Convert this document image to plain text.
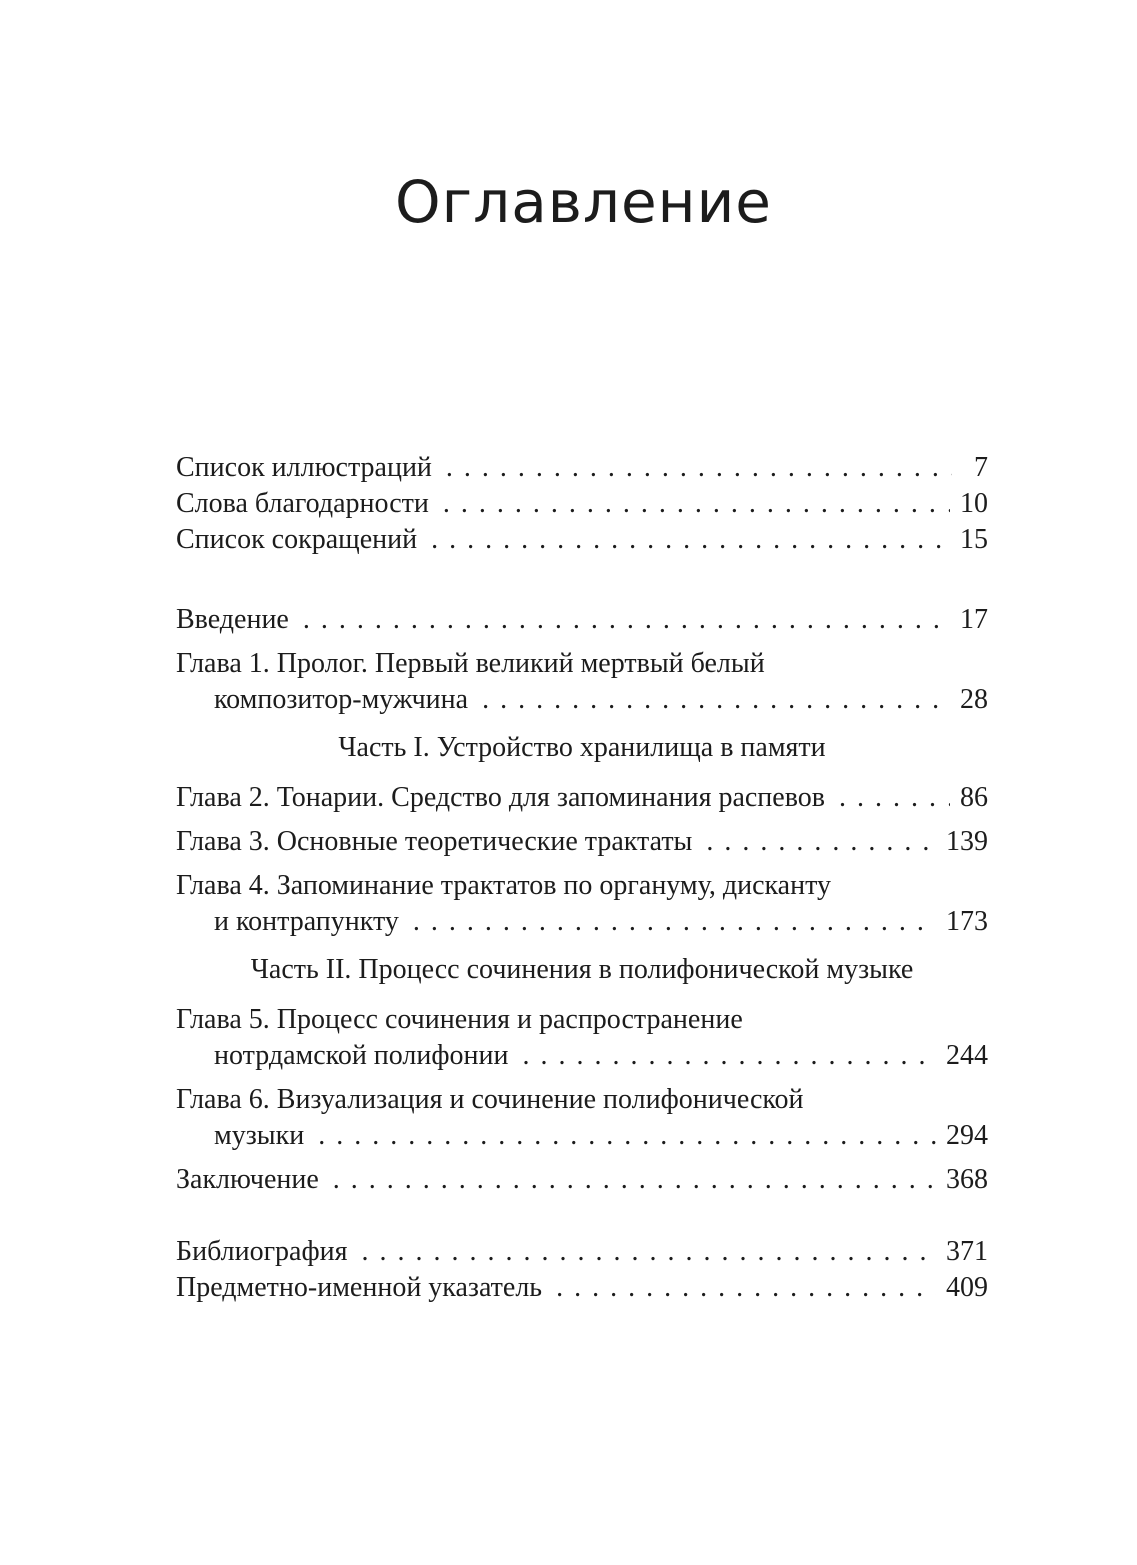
Оглавление
Список иллюстраций . . .	7
Слова благодарности . . .	10
Список сокращений . . .	15
Введение . . .	17
Глава 1. Пролог. Первый великий мертвый белый
композитор-мужчина . . .	28
Часть I. Устройство хранилища в памяти
Глава 2. Тонарии. Средство для запоминания распевов . . .	86
Глава 3. Основные теоретические трактаты . . .	139
Глава 4. Запоминание трактатов по органуму, дисканту
и контрапункту . . .	173
Часть II. Процесс сочинения в полифонической музыке
Глава 5. Процесс сочинения и распространение
нотрдамской полифонии . . .	244
Глава 6. Визуализация и сочинение полифонической
музыки . . .	294
Заключение . . .	368
Библиография . . .	371
Предметно-именной указатель . . .	409
